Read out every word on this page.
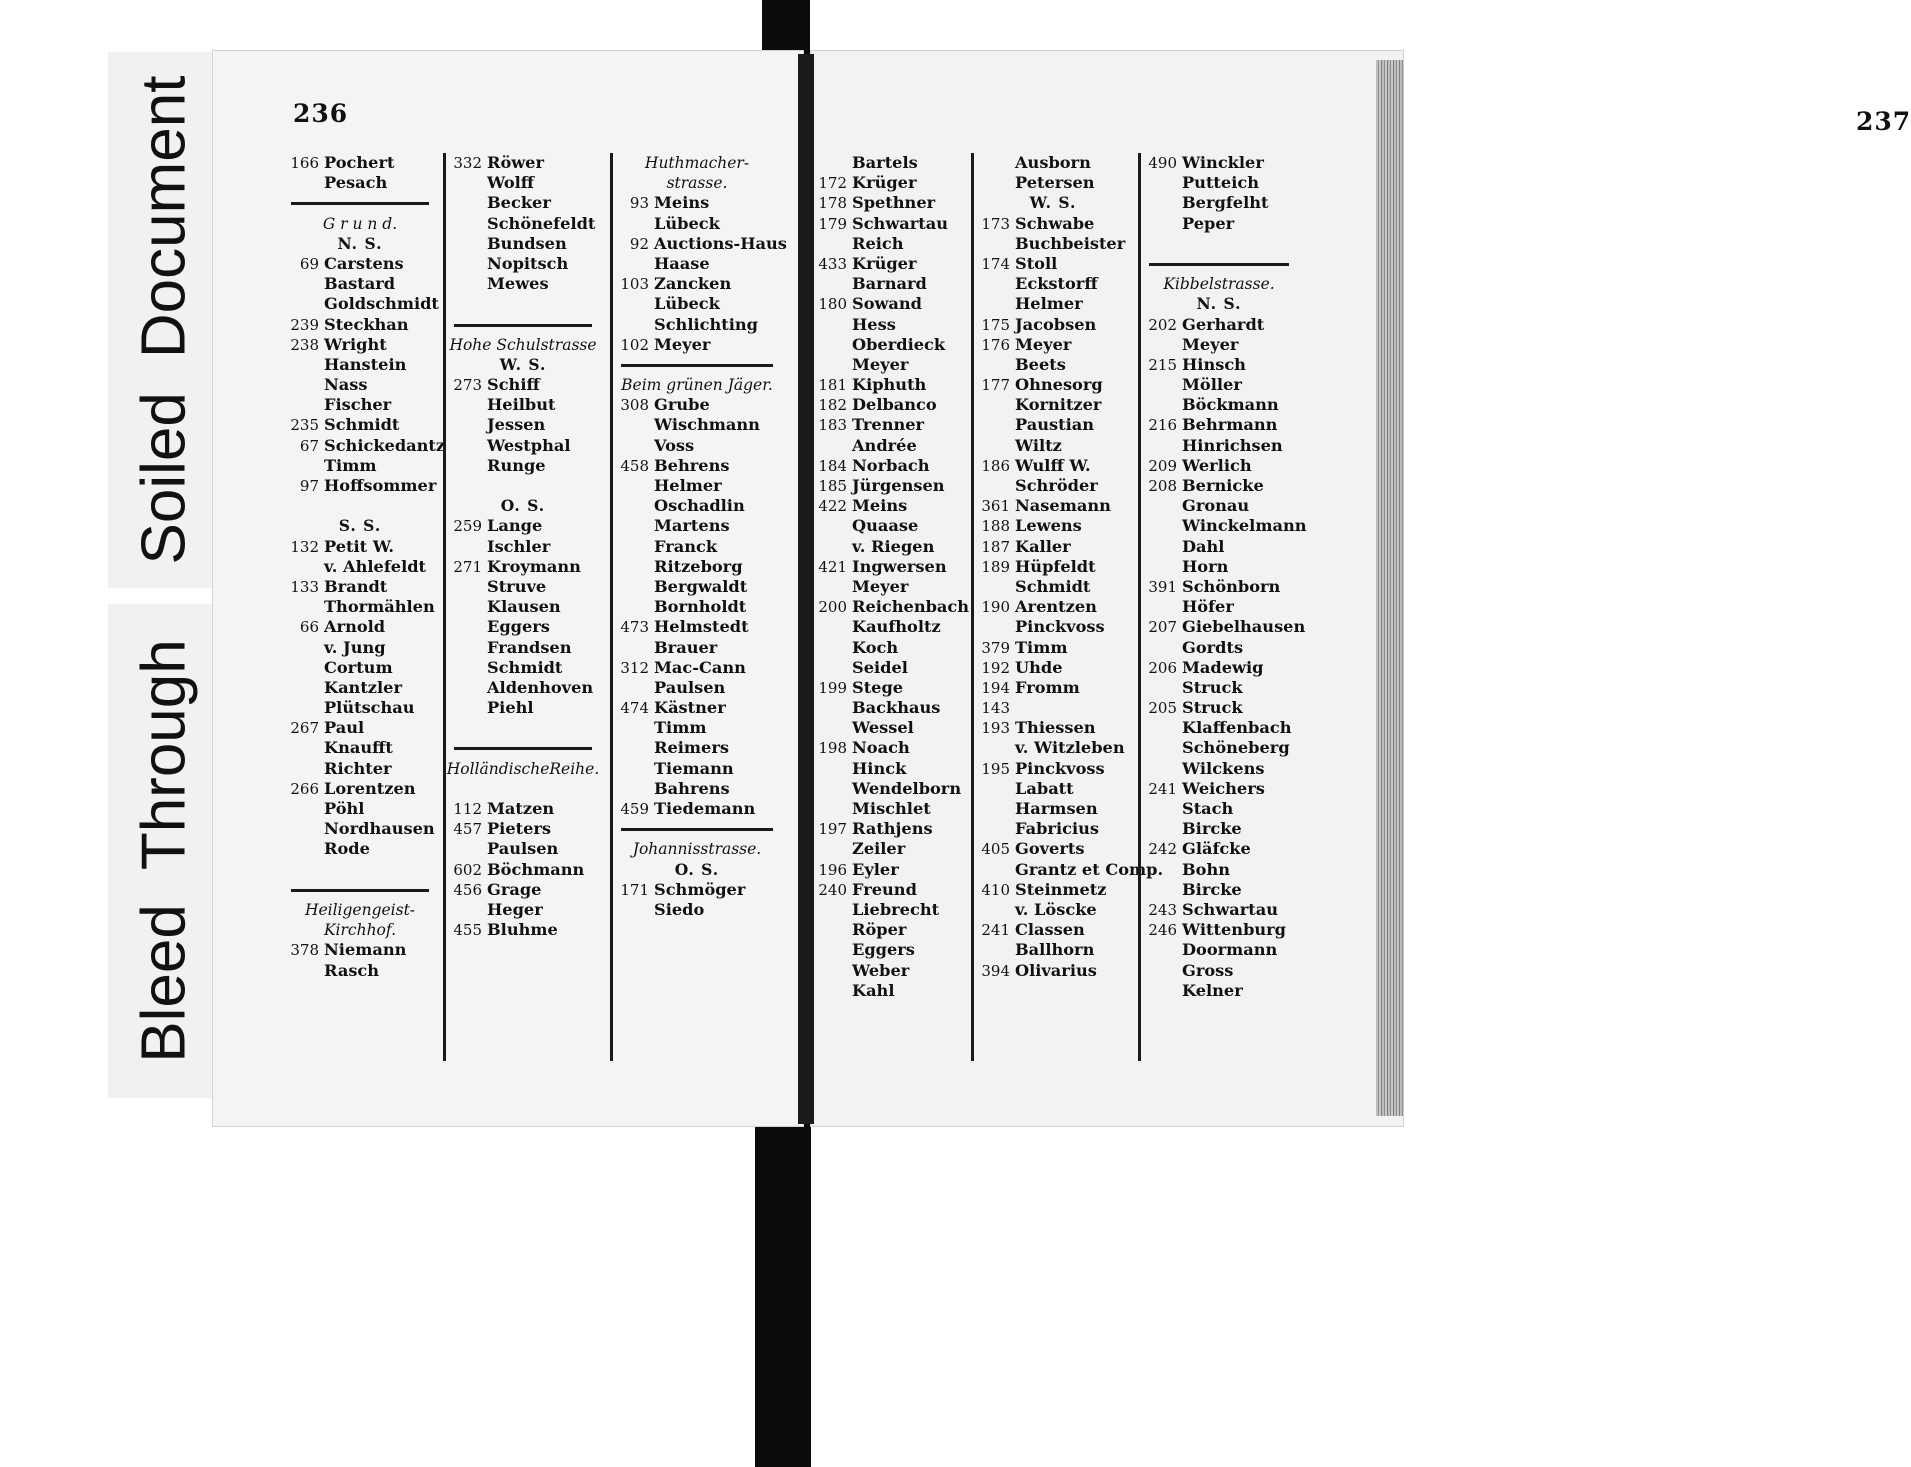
SoiledDocument
BleedThrough
236
166 Pochert
Pesach
G r u n d.
N. S.
69 Carstens
Bastard
Goldschmidt
239 Steckhan
238 Wright
Hanstein
Nass
Fischer
235 Schmidt
67 Schickedantz
Timm
97 Hoffsommer
S. S.
132 Petit W.
v. Ahlefeldt
133 Brandt
Thormählen
66 Arnold
v. Jung
Cortum
Kantzler
Plütschau
267 Paul
Knaufft
Richter
266 Lorentzen
Pöhl
Nordhausen
Rode
Heiligengeist-
Kirchhof.
378 Niemann
Rasch
332 Röwer
Wolff
Becker
Schönefeldt
Bundsen
Nopitsch
Mewes
Hohe Schulstrasse
W. S.
273 Schiff
Heilbut
Jessen
Westphal
Runge
O. S.
259 Lange
Ischler
271 Kroymann
Struve
Klausen
Eggers
Frandsen
Schmidt
Aldenhoven
Piehl
HolländischeReihe.
112 Matzen
457 Pieters
Paulsen
602 Böchmann
456 Grage
Heger
455 Bluhme
Huthmacher-
strasse.
93 Meins
Lübeck
92 Auctions-Haus
Haase
103 Zancken
Lübeck
Schlichting
102 Meyer
Beim grünen Jäger.
308 Grube
Wischmann
Voss
458 Behrens
Helmer
Oschadlin
Martens
Franck
Ritzeborg
Bergwaldt
Bornholdt
473 Helmstedt
Brauer
312 Mac-Cann
Paulsen
474 Kästner
Timm
Reimers
Tiemann
Bahrens
459 Tiedemann
Johannisstrasse.
O. S.
171 Schmöger
Siedo
237
Bartels
172 Krüger
178 Spethner
179 Schwartau
Reich
433 Krüger
Barnard
180 Sowand
Hess
Oberdieck
Meyer
181 Kiphuth
182 Delbanco
183 Trenner
Andrée
184 Norbach
185 Jürgensen
422 Meins
Quaase
v. Riegen
421 Ingwersen
Meyer
200 Reichenbach
Kaufholtz
Koch
Seidel
199 Stege
Backhaus
Wessel
198 Noach
Hinck
Wendelborn
Mischlet
197 Rathjens
Zeiler
196 Eyler
240 Freund
Liebrecht
Röper
Eggers
Weber
Kahl
Ausborn
Petersen
W. S.
173 Schwabe
Buchbeister
174 Stoll
Eckstorff
Helmer
175 Jacobsen
176 Meyer
Beets
177 Ohnesorg
Kornitzer
Paustian
Wiltz
186 Wulff W.
Schröder
361 Nasemann
188 Lewens
187 Kaller
189 Hüpfeldt
Schmidt
190 Arentzen
Pinckvoss
379 Timm
192 Uhde
194 Fromm
143
193 Thiessen
v. Witzleben
195 Pinckvoss
Labatt
Harmsen
Fabricius
405 Goverts
Grantz et Comp.
410 Steinmetz
v. Löscke
241 Classen
Ballhorn
394 Olivarius
490 Winckler
Putteich
Bergfelht
Peper
Kibbelstrasse.
N. S.
202 Gerhardt
Meyer
215 Hinsch
Möller
Böckmann
216 Behrmann
Hinrichsen
209 Werlich
208 Bernicke
Gronau
Winckelmann
Dahl
Horn
391 Schönborn
Höfer
207 Giebelhausen
Gordts
206 Madewig
Struck
205 Struck
Klaffenbach
Schöneberg
Wilckens
241 Weichers
Stach
Bircke
242 Gläfcke
Bohn
Bircke
243 Schwartau
246 Wittenburg
Doormann
Gross
Kelner
